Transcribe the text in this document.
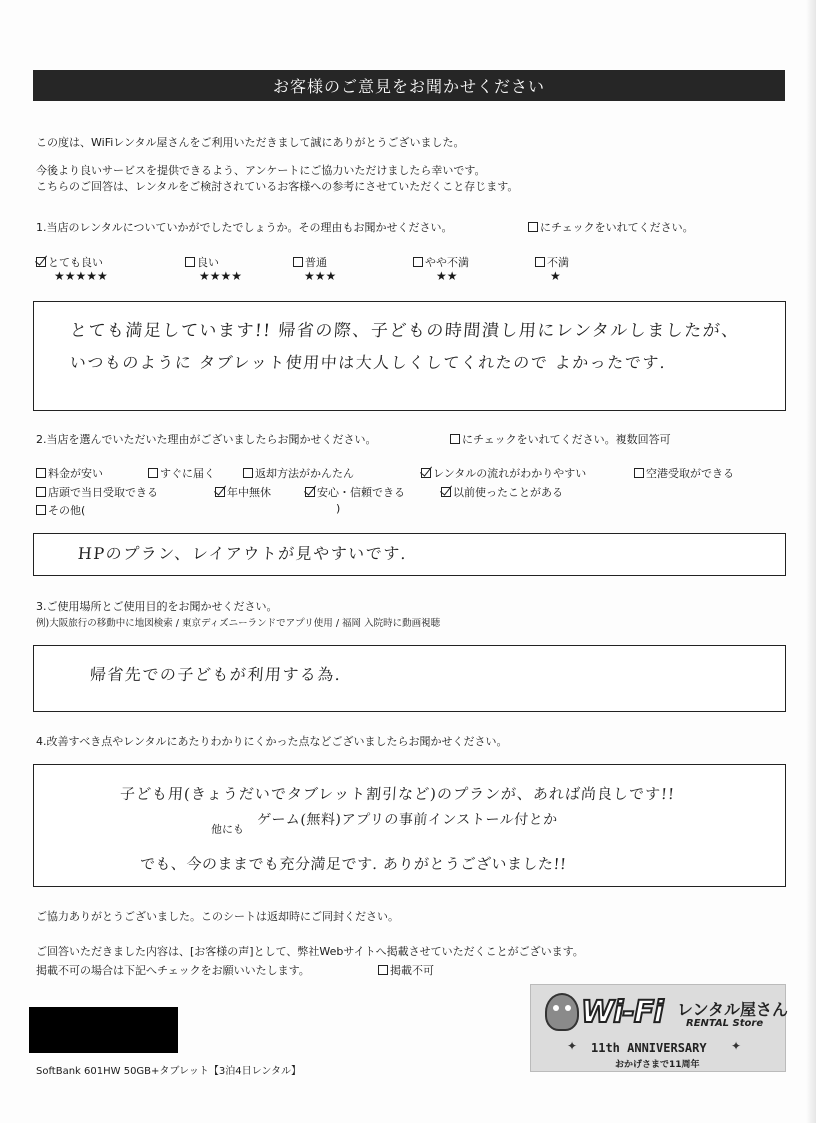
お客様のご意見をお聞かせください
この度は、WiFiレンタル屋さんをご利用いただきまして誠にありがとうございました。
今後より良いサービスを提供できるよう、アンケートにご協力いただけましたら幸いです。
こちらのご回答は、レンタルをご検討されているお客様への参考にさせていただくこと存じます。
1.当店のレンタルについていかがでしたでしょうか。その理由もお聞かせください。	にチェックをいれてください。
とても良い
★★★★★
良い
★★★★
普通
★★★
やや不満
★★
不満
★
とても満足しています!! 帰省の際、子どもの時間潰し用にレンタルしましたが、
いつものように タブレット使用中は大人しくしてくれたので よかったです.
2.当店を選んでいただいた理由がございましたらお聞かせください。	にチェックをいれてください。複数回答可
料金が安い	すぐに届く	返却方法がかんたん	レンタルの流れがわかりやすい	空港受取ができる
店頭で当日受取できる	年中無休	安心・信頼できる	以前使ったことがある
その他(	)
HPのプラン、レイアウトが見やすいです.
3.ご使用場所とご使用目的をお聞かせください。
例)大阪旅行の移動中に地図検索 / 東京ディズニーランドでアプリ使用 / 福岡 入院時に動画視聴
帰省先での子どもが利用する為.
4.改善すべき点やレンタルにあたりわかりにくかった点などございましたらお聞かせください。
子ども用(きょうだいでタブレット割引など)のプランが、あれば尚良しです!!
他にも
ゲーム(無料)アプリの事前インストール付とか
でも、今のままでも充分満足です. ありがとうございました!!
ご協力ありがとうございました。このシートは返却時にご同封ください。
ご回答いただきました内容は、[お客様の声]として、弊社Webサイトへ掲載させていただくことがございます。
掲載不可の場合は下記へチェックをお願いいたします。	掲載不可
SoftBank 601HW 50GB+タブレット【3泊4日レンタル】
Wi-Fi レンタル屋さん
RENTAL Store
✦ 11th ANNIVERSARY ✦
おかげさまで11周年
